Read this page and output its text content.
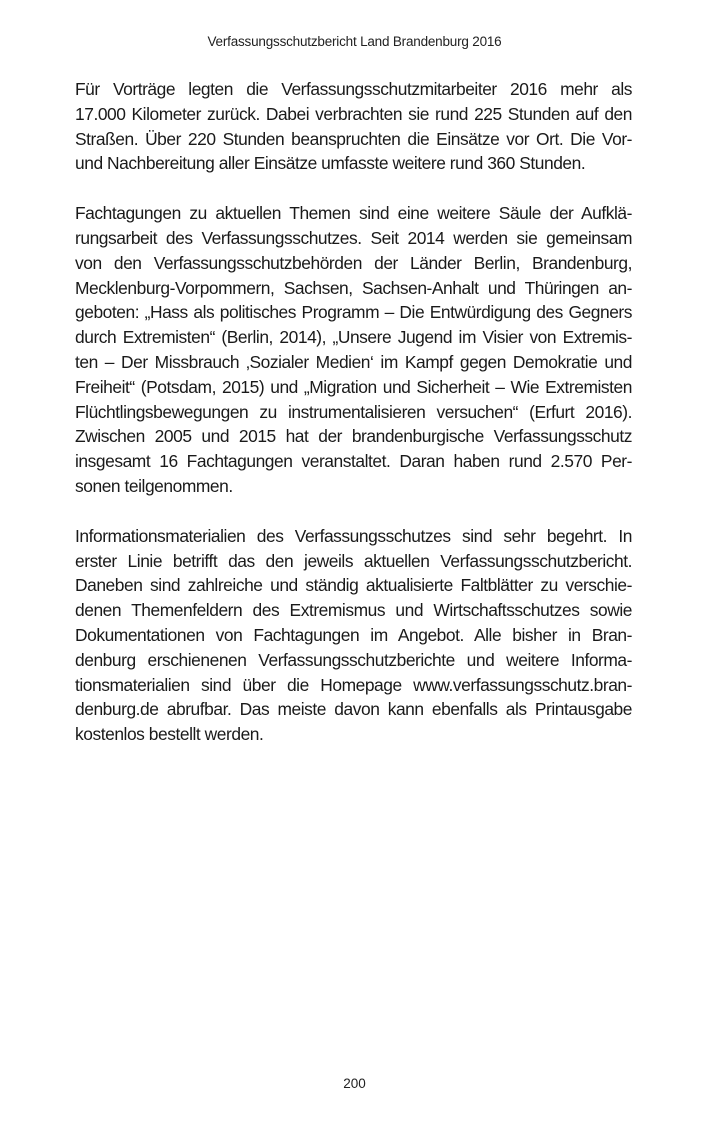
Verfassungsschutzbericht Land Brandenburg 2016
Für Vorträge legten die Verfassungsschutzmitarbeiter 2016 mehr als
17.000 Kilometer zurück. Dabei verbrachten sie rund 225 Stunden auf den
Straßen. Über 220 Stunden beanspruchten die Einsätze vor Ort. Die Vor-
und Nachbereitung aller Einsätze umfasste weitere rund 360 Stunden.
Fachtagungen zu aktuellen Themen sind eine weitere Säule der Aufklä-
rungsarbeit des Verfassungsschutzes. Seit 2014 werden sie gemeinsam
von den Verfassungsschutzbehörden der Länder Berlin, Brandenburg,
Mecklenburg-Vorpommern, Sachsen, Sachsen-Anhalt und Thüringen an-
geboten: „Hass als politisches Programm – Die Entwürdigung des Gegners
durch Extremisten“ (Berlin, 2014), „Unsere Jugend im Visier von Extremis-
ten – Der Missbrauch ‚Sozialer Medien‘ im Kampf gegen Demokratie und
Freiheit“ (Potsdam, 2015) und „Migration und Sicherheit – Wie Extremisten
Flüchtlingsbewegungen zu instrumentalisieren versuchen“ (Erfurt 2016).
Zwischen 2005 und 2015 hat der brandenburgische Verfassungsschutz
insgesamt 16 Fachtagungen veranstaltet. Daran haben rund 2.570 Per-
sonen teilgenommen.
Informationsmaterialien des Verfassungsschutzes sind sehr begehrt. In
erster Linie betrifft das den jeweils aktuellen Verfassungsschutzbericht.
Daneben sind zahlreiche und ständig aktualisierte Faltblätter zu verschie-
denen Themenfeldern des Extremismus und Wirtschaftsschutzes sowie
Dokumentationen von Fachtagungen im Angebot. Alle bisher in Bran-
denburg erschienenen Verfassungsschutzberichte und weitere Informa-
tionsmaterialien sind über die Homepage www.verfassungsschutz.bran-
denburg.de abrufbar. Das meiste davon kann ebenfalls als Printausgabe
kostenlos bestellt werden.
200
